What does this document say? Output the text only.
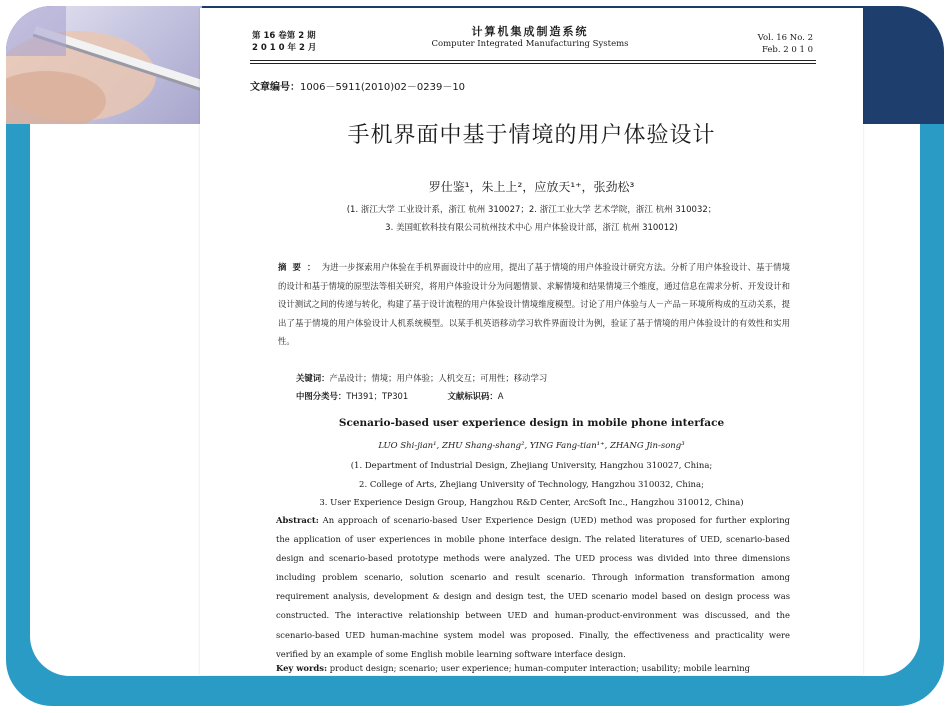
第 16 卷第 2 期
2 0 1 0 年 2 月
计算机集成制造系统
Computer Integrated Manufacturing Systems
Vol. 16 No. 2
Feb. 2 0 1 0
文章编号：1006－5911(2010)02－0239－10
手机界面中基于情境的用户体验设计
罗仕鉴¹，朱上上²，应放天¹⁺，张劲松³
(1. 浙江大学 工业设计系，浙江 杭州 310027；2. 浙江工业大学 艺术学院，浙江 杭州 310032；
3. 美国虹软科技有限公司杭州技术中心 用户体验设计部，浙江 杭州 310012)
摘要：为进一步探索用户体验在手机界面设计中的应用，提出了基于情境的用户体验设计研究方法。分析了用户体验设计、基于情境的设计和基于情境的原型法等相关研究，将用户体验设计分为问题情景、求解情境和结果情境三个维度，通过信息在需求分析、开发设计和设计测试之间的传递与转化，构建了基于设计流程的用户体验设计情境维度模型。讨论了用户体验与人－产品－环境所构成的互动关系，提出了基于情境的用户体验设计人机系统模型。以某手机英语移动学习软件界面设计为例，验证了基于情境的用户体验设计的有效性和实用性。
关键词：产品设计；情境；用户体验；人机交互；可用性；移动学习
中图分类号：TH391；TP301	文献标识码：A
Scenario-based user experience design in mobile phone interface
LUO Shi-jian¹, ZHU Shang-shang², YING Fang-tian¹⁺, ZHANG Jin-song³
(1. Department of Industrial Design, Zhejiang University, Hangzhou 310027, China;
2. College of Arts, Zhejiang University of Technology, Hangzhou 310032, China;
3. User Experience Design Group, Hangzhou R&D Center, ArcSoft Inc., Hangzhou 310012, China)
Abstract: An approach of scenario-based User Experience Design (UED) method was proposed for further exploring the application of user experiences in mobile phone interface design. The related literatures of UED, scenario-based design and scenario-based prototype methods were analyzed. The UED process was divided into three dimensions including problem scenario, solution scenario and result scenario. Through information transformation among requirement analysis, development & design and design test, the UED scenario model based on design process was constructed. The interactive relationship between UED and human-product-environment was discussed, and the scenario-based UED human-machine system model was proposed. Finally, the effectiveness and practicality were verified by an example of some English mobile learning software interface design.
Key words: product design; scenario; user experience; human-computer interaction; usability; mobile learning
